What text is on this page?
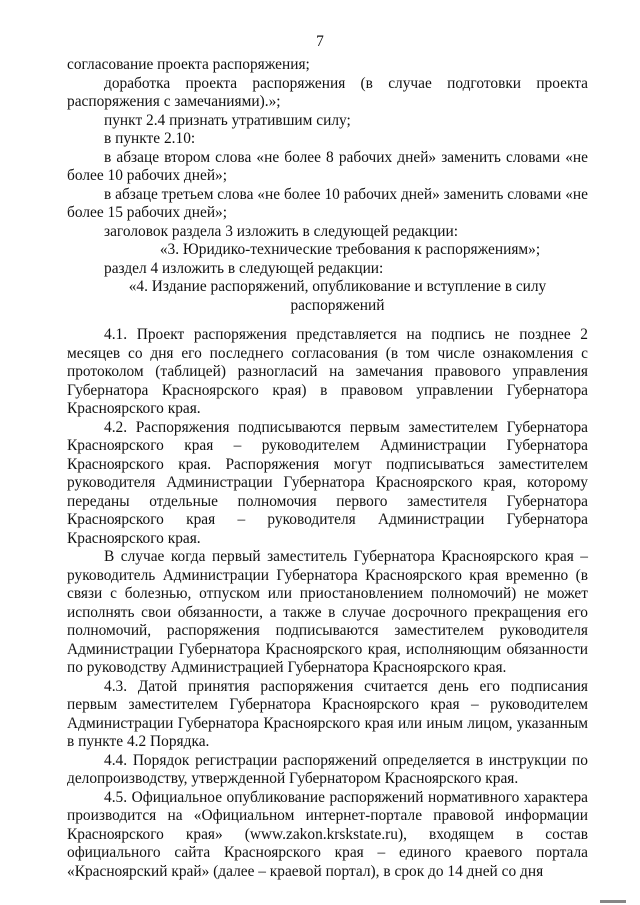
7

согласование проекта распоряжения;

доработка проекта распоряжения (в случае подготовки проекта распоряжения с замечаниями).»;

пункт 2.4 признать утратившим силу;

в пункте 2.10:

в абзаце втором слова «не более 8 рабочих дней» заменить словами «не более 10 рабочих дней»;

в абзаце третьем слова «не более 10 рабочих дней» заменить словами «не более 15 рабочих дней»;

заголовок раздела 3 изложить в следующей редакции:

«3. Юридико-технические требования к распоряжениям»;

раздел 4 изложить в следующей редакции:

«4. Издание распоряжений, опубликование и вступление в силу распоряжений

4.1. Проект распоряжения представляется на подпись не позднее 2 месяцев со дня его последнего согласования (в том числе ознакомления с протоколом (таблицей) разногласий на замечания правового управления Губернатора Красноярского края) в правовом управлении Губернатора Красноярского края.

4.2. Распоряжения подписываются первым заместителем Губернатора Красноярского края – руководителем Администрации Губернатора Красноярского края. Распоряжения могут подписываться заместителем руководителя Администрации Губернатора Красноярского края, которому переданы отдельные полномочия первого заместителя Губернатора Красноярского края – руководителя Администрации Губернатора Красноярского края.

В случае когда первый заместитель Губернатора Красноярского края – руководитель Администрации Губернатора Красноярского края временно (в связи с болезнью, отпуском или приостановлением полномочий) не может исполнять свои обязанности, а также в случае досрочного прекращения его полномочий, распоряжения подписываются заместителем руководителя Администрации Губернатора Красноярского края, исполняющим обязанности по руководству Администрацией Губернатора Красноярского края.

4.3. Датой принятия распоряжения считается день его подписания первым заместителем Губернатора Красноярского края – руководителем Администрации Губернатора Красноярского края или иным лицом, указанным в пункте 4.2 Порядка.

4.4. Порядок регистрации распоряжений определяется в инструкции по делопроизводству, утвержденной Губернатором Красноярского края.

4.5. Официальное опубликование распоряжений нормативного характера производится на «Официальном интернет-портале правовой информации Красноярского края» (www.zakon.krskstate.ru), входящем в состав официального сайта Красноярского края – единого краевого портала «Красноярский край» (далее – краевой портал), в срок до 14 дней со дня
